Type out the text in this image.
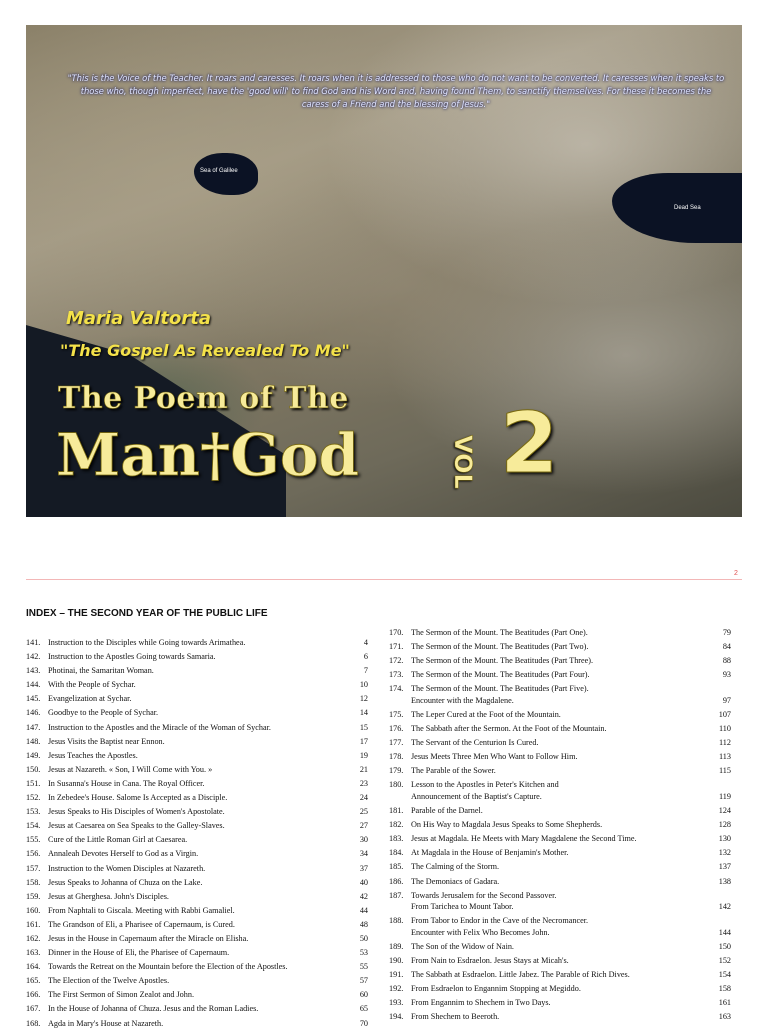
Sea of Galilee
Dead Sea
"This is the Voice of the Teacher. It roars and caresses. It roars when it is addressed to those who do not want to be converted. It caresses when it speaks to those who, though imperfect, have the 'good will' to find God and his Word and, having found Them, to sanctify themselves. For these it becomes the caress of a Friend and the blessing of Jesus."
Maria Valtorta
"The Gospel As Revealed To Me"
The Poem of The
Man†God	VOL 2
2
INDEX – THE SECOND YEAR OF THE PUBLIC LIFE
141. Instruction to the Disciples while Going towards Arimathea.	4
142. Instruction to the Apostles Going towards Samaria.	6
143. Photinai, the Samaritan Woman.	7
144. With the People of Sychar.	10
145. Evangelization at Sychar.	12
146. Goodbye to the People of Sychar.	14
147. Instruction to the Apostles and the Miracle of the Woman of Sychar.	15
148. Jesus Visits the Baptist near Ennon.	17
149. Jesus Teaches the Apostles.	19
150. Jesus at Nazareth. « Son, I Will Come with You. »	21
151. In Susanna's House in Cana. The Royal Officer.	23
152. In Zebedee's House. Salome Is Accepted as a Disciple.	24
153. Jesus Speaks to His Disciples of Women's Apostolate.	25
154. Jesus at Caesarea on Sea Speaks to the Galley-Slaves.	27
155. Cure of the Little Roman Girl at Caesarea.	30
156. Annaleah Devotes Herself to God as a Virgin.	34
157. Instruction to the Women Disciples at Nazareth.	37
158. Jesus Speaks to Johanna of Chuza on the Lake.	40
159. Jesus at Gherghesa. John's Disciples.	42
160. From Naphtali to Giscala. Meeting with Rabbi Gamaliel.	44
161. The Grandson of Eli, a Pharisee of Capernaum, is Cured.	48
162. Jesus in the House in Capernaum after the Miracle on Elisha.	50
163. Dinner in the House of Eli, the Pharisee of Capernaum.	53
164. Towards the Retreat on the Mountain before the Election of the Apostles.	55
165. The Election of the Twelve Apostles.	57
166. The First Sermon of Simon Zealot and John.	60
167. In the House of Johanna of Chuza. Jesus and the Roman Ladies.	65
168. Agda in Mary's House at Nazareth.	70
170. The Sermon of the Mount. The Beatitudes (Part One).	79
171. The Sermon of the Mount. The Beatitudes (Part Two).	84
172. The Sermon of the Mount. The Beatitudes (Part Three).	88
173. The Sermon of the Mount. The Beatitudes (Part Four).	93
174. The Sermon of the Mount. The Beatitudes (Part Five).
Encounter with the Magdalene.	97
175. The Leper Cured at the Foot of the Mountain.	107
176. The Sabbath after the Sermon. At the Foot of the Mountain.	110
177. The Servant of the Centurion Is Cured.	112
178. Jesus Meets Three Men Who Want to Follow Him.	113
179. The Parable of the Sower.	115
180. Lesson to the Apostles in Peter's Kitchen and
Announcement of the Baptist's Capture.	119
181. Parable of the Darnel.	124
182. On His Way to Magdala Jesus Speaks to Some Shepherds.	128
183. Jesus at Magdala. He Meets with Mary Magdalene the Second Time.	130
184. At Magdala in the House of Benjamin's Mother.	132
185. The Calming of the Storm.	137
186. The Demoniacs of Gadara.	138
187. Towards Jerusalem for the Second Passover.
From Tarichea to Mount Tabor.	142
188. From Tabor to Endor in the Cave of the Necromancer.
Encounter with Felix Who Becomes John.	144
189. The Son of the Widow of Nain.	150
190. From Nain to Esdraelon. Jesus Stays at Micah's.	152
191. The Sabbath at Esdraelon. Little Jabez. The Parable of Rich Dives.	154
192. From Esdraelon to Engannim Stopping at Megiddo.	158
193. From Engannim to Shechem in Two Days.	161
194. From Shechem to Beeroth.	163
